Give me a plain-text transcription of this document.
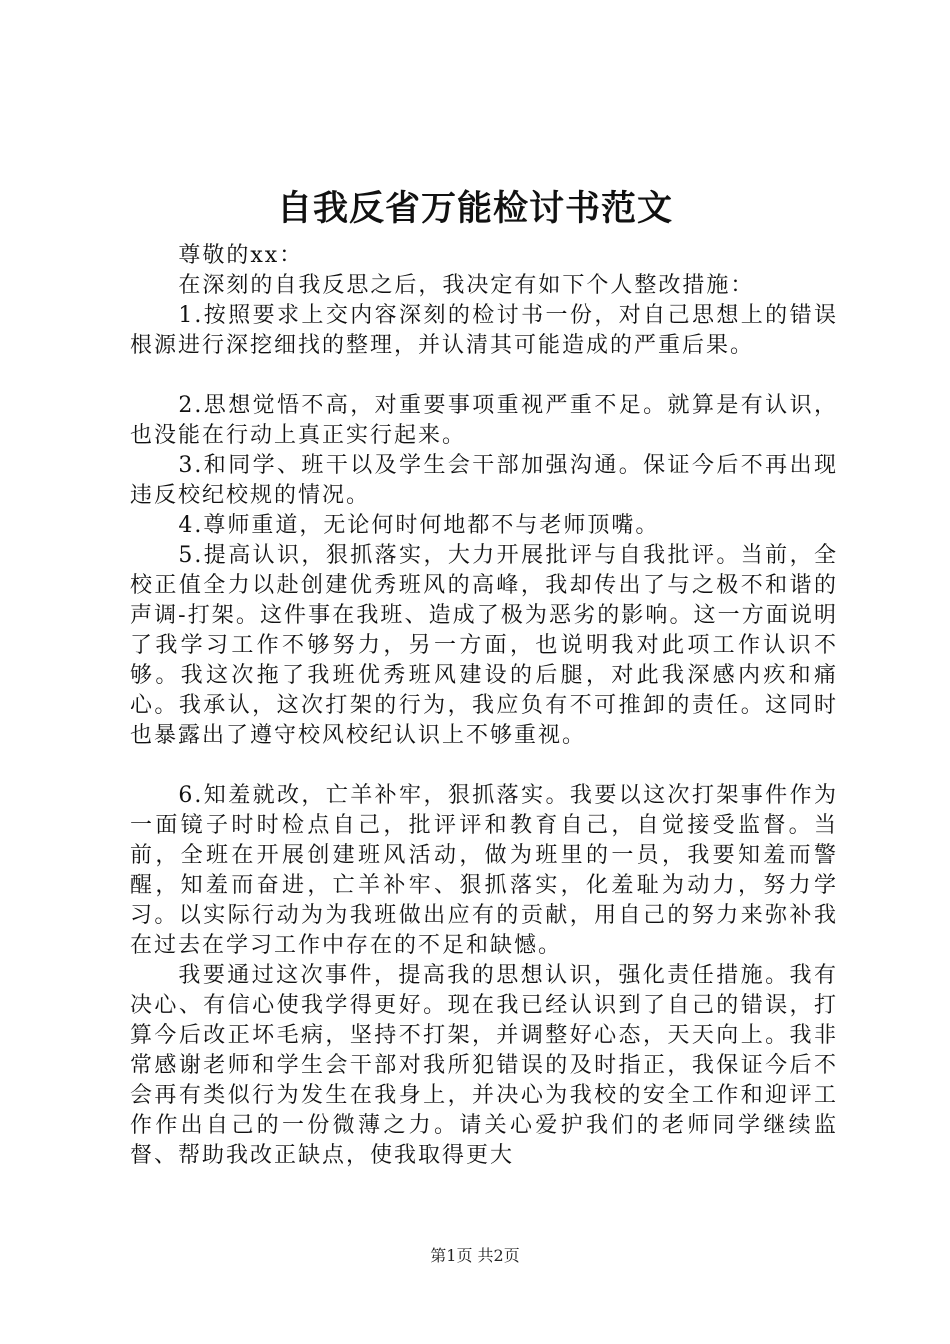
自我反省万能检讨书范文

尊敬的xx：

在深刻的自我反思之后，我决定有如下个人整改措施：

1.按照要求上交内容深刻的检讨书一份，对自己思想上的错误根源进行深挖细找的整理，并认清其可能造成的严重后果。

2.思想觉悟不高，对重要事项重视严重不足。就算是有认识，也没能在行动上真正实行起来。

3.和同学、班干以及学生会干部加强沟通。保证今后不再出现违反校纪校规的情况。

4.尊师重道，无论何时何地都不与老师顶嘴。

5.提高认识，狠抓落实，大力开展批评与自我批评。当前，全校正值全力以赴创建优秀班风的高峰，我却传出了与之极不和谐的声调-打架。这件事在我班、造成了极为恶劣的影响。这一方面说明了我学习工作不够努力，另一方面，也说明我对此项工作认识不够。我这次拖了我班优秀班风建设的后腿，对此我深感内疚和痛心。我承认，这次打架的行为，我应负有不可推卸的责任。这同时也暴露出了遵守校风校纪认识上不够重视。

6.知羞就改，亡羊补牢，狠抓落实。我要以这次打架事件作为一面镜子时时检点自己，批评评和教育自己，自觉接受监督。当前，全班在开展创建班风活动，做为班里的一员，我要知羞而警醒，知羞而奋进，亡羊补牢、狠抓落实，化羞耻为动力，努力学习。以实际行动为为我班做出应有的贡献，用自己的努力来弥补我在过去在学习工作中存在的不足和缺憾。

我要通过这次事件，提高我的思想认识，强化责任措施。我有决心、有信心使我学得更好。现在我已经认识到了自己的错误，打算今后改正坏毛病，坚持不打架，并调整好心态，天天向上。我非常感谢老师和学生会干部对我所犯错误的及时指正，我保证今后不会再有类似行为发生在我身上，并决心为我校的安全工作和迎评工作作出自己的一份微薄之力。请关心爱护我们的老师同学继续监督、帮助我改正缺点，使我取得更大

第1页 共2页
